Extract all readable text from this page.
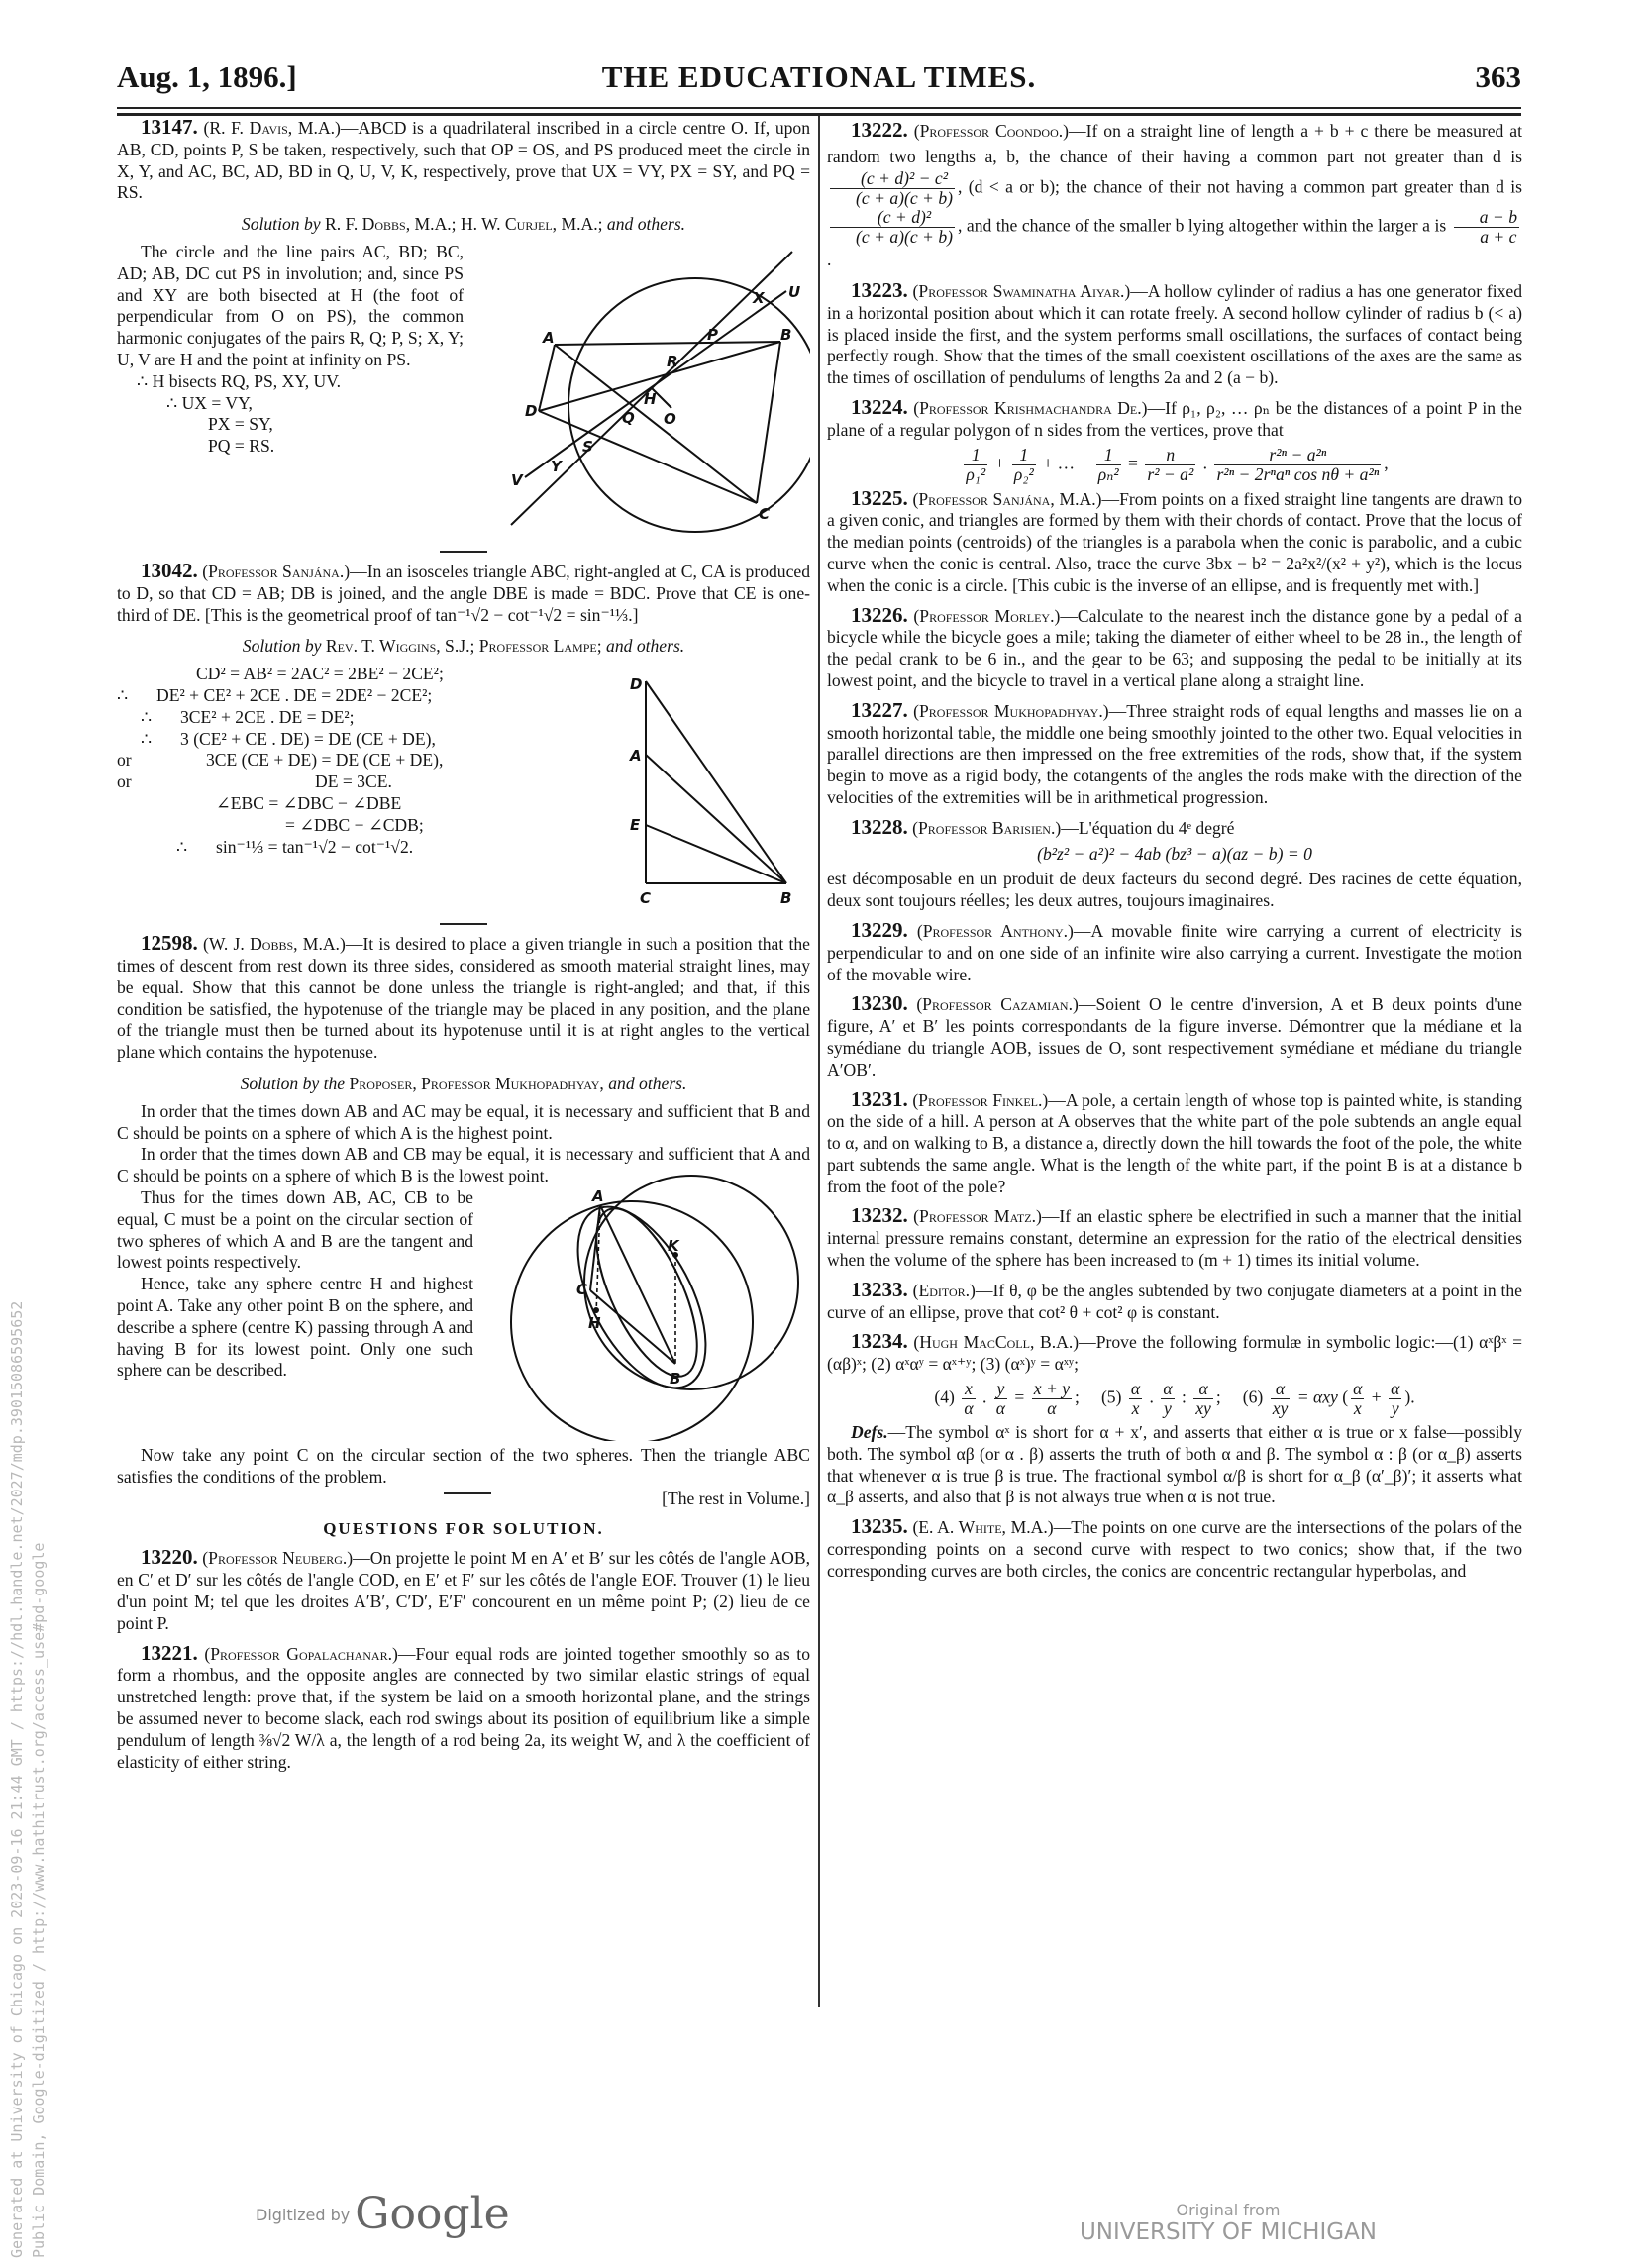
Aug. 1, 1896.]	THE EDUCATIONAL TIMES.	363

13147. (R. F. Davis, M.A.)—ABCD is a quadrilateral inscribed in a circle centre O. If, upon AB, CD, points P, S be taken, respectively, such that OP = OS, and PS produced meet the circle in X, Y, and AC, BC, AD, BD in Q, U, V, K, respectively, prove that UX = VY, PX = SY, and PQ = RS.

Solution by R. F. Dobbs, M.A.; H. W. Curjel, M.A.; and others.

A	B
C
D
P
R
Q
S
H
O
X
Y
U
V

The circle and the line pairs AC, BD; BC, AD; AB, DC cut PS in involution; and, since PS and XY are both bisected at H (the foot of perpendicular from O on PS), the common harmonic conjugates of the pairs R, Q; P, S; X, Y; U, V are H and the point at infinity on PS.

∴ H bisects RQ, PS, XY, UV.

∴ UX = VY,

PX = SY,

PQ = RS.

13042. (Professor Sanjána.)—In an isosceles triangle ABC, right-angled at C, CA is produced to D, so that CD = AB; DB is joined, and the angle DBE is made = BDC. Prove that CE is one-third of DE. [This is the geometrical proof of tan⁻¹√2 − cot⁻¹√2 = sin⁻¹⅓.]

Solution by Rev. T. Wiggins, S.J.; Professor Lampe; and others.

D
A
E
C	B

CD² = AB² = 2AC² = 2BE² − 2CE²;

∴ DE² + CE² + 2CE . DE = 2DE² − 2CE²;

∴ 3CE² + 2CE . DE = DE²;

∴ 3 (CE² + CE . DE) = DE (CE + DE),

or	3CE (CE + DE) = DE (CE + DE),

or	DE = 3CE.

∠EBC = ∠DBC − ∠DBE

= ∠DBC − ∠CDB;

∴ sin⁻¹⅓ = tan⁻¹√2 − cot⁻¹√2.

12598. (W. J. Dobbs, M.A.)—It is desired to place a given triangle in such a position that the times of descent from rest down its three sides, considered as smooth material straight lines, may be equal. Show that this cannot be done unless the triangle is right-angled; and that, if this condition be satisfied, the hypotenuse of the triangle may be placed in any position, and the plane of the triangle must then be turned about its hypotenuse until it is at right angles to the vertical plane which contains the hypotenuse.

Solution by the Proposer, Professor Mukhopadhyay, and others.

In order that the times down AB and AC may be equal, it is necessary and sufficient that B and C should be points on a sphere of which A is the highest point.

In order that the times down AB and CB may be equal, it is necessary and sufficient that A and C should be points on a sphere of which B is the lowest point.

A
K
C
H
B

Thus for the times down AB, AC, CB to be equal, C must be a point on the circular section of two spheres of which A and B are the tangent and lowest points respectively.

Hence, take any sphere centre H and highest point A. Take any other point B on the sphere, and describe a sphere (centre K) passing through A and having B for its lowest point. Only one such sphere can be described.

Now take any point C on the circular section of the two spheres. Then the triangle ABC satisfies the conditions of the problem.

[The rest in Volume.]

QUESTIONS FOR SOLUTION.

13220. (Professor Neuberg.)—On projette le point M en A′ et B′ sur les côtés de l'angle AOB, en C′ et D′ sur les côtés de l'angle COD, en E′ et F′ sur les côtés de l'angle EOF. Trouver (1) le lieu d'un point M; tel que les droites A′B′, C′D′, E′F′ concourent en un même point P; (2) lieu de ce point P.

13221. (Professor Gopalachanar.)—Four equal rods are jointed together smoothly so as to form a rhombus, and the opposite angles are connected by two similar elastic strings of equal unstretched length: prove that, if the system be laid on a smooth horizontal plane, and the strings be assumed never to become slack, each rod swings about its position of equilibrium like a simple pendulum of length ⅜√2 W/λ a, the length of a rod being 2a, its weight W, and λ the coefficient of elasticity of either string.

13222. (Professor Coondoo.)—If on a straight line of length a + b + c there be measured at random two lengths a, b, the chance of their having a common part not greater than d is
$\frac{\text{(c + d)² − c²}}{(c + a)(c + b)}$ , (d < a or b); the chance of their not having a common part greater than d is
$\frac{\text{(c + d)²}}{(c + a)(c + b)}$ , and the chance of the smaller b lying altogether within the larger a is $\frac{a - b}{a + c}$
.

13223. (Professor Swaminatha Aiyar.)—A hollow cylinder of radius a has one generator fixed in a horizontal position about which it can rotate freely. A second hollow cylinder of radius b (< a) is placed inside the first, and the system performs small oscillations, the surfaces of contact being perfectly rough. Show that the times of the small coexistent oscillations of the axes are the same as the times of oscillation of pendulums of lengths 2a and 2 (a − b).

13224. (Professor Krishmachandra De.)—If ρ₁, ρ₂, … ρₙ be the distances of a point P in the plane of a regular polygon of n sides from the vertices, prove that

$\frac{1}{\text{ρ₁²}} + \frac{1}{\text{ρ₂²}}$ + … + $\frac{1}{\text{ρₙ²}} = \frac{n}{\text{r² − a²}}$ . $\frac{\text{r²ⁿ − a²ⁿ}}{\text{r²ⁿ − 2rⁿaⁿ cos nθ + a²ⁿ}}$ ,

13225. (Professor Sanjána, M.A.)—From points on a fixed straight line tangents are drawn to a given conic, and triangles are formed by them with their chords of contact. Prove that the locus of the median points (centroids) of the triangles is a parabola when the conic is parabolic, and a cubic curve when the conic is central. Also, trace the curve 3bx − b² = 2a²x²/(x² + y²), which is the locus when the conic is a circle. [This cubic is the inverse of an ellipse, and is frequently met with.]

13226. (Professor Morley.)—Calculate to the nearest inch the distance gone by a pedal of a bicycle while the bicycle goes a mile; taking the diameter of either wheel to be 28 in., the length of the pedal crank to be 6 in., and the gear to be 63; and supposing the pedal to be initially at its lowest point, and the bicycle to travel in a vertical plane along a straight line.

13227. (Professor Mukhopadhyay.)—Three straight rods of equal lengths and masses lie on a smooth horizontal table, the middle one being smoothly jointed to the other two. Equal velocities in parallel directions are then impressed on the free extremities of the rods, show that, if the system begin to move as a rigid body, the cotangents of the angles the rods make with the direction of the velocities of the extremities will be in arithmetical progression.

13228. (Professor Barisien.)—L'équation du 4ᵉ degré

(b²z² − a²)² − 4ab (bz³ − a)(az − b) = 0

est décomposable en un produit de deux facteurs du second degré. Des racines de cette équation, deux sont toujours réelles; les deux autres, toujours imaginaires.

13229. (Professor Anthony.)—A movable finite wire carrying a current of electricity is perpendicular to and on one side of an infinite wire also carrying a current. Investigate the motion of the movable wire.

13230. (Professor Cazamian.)—Soient O le centre d'inversion, A et B deux points d'une figure, A′ et B′ les points correspondants de la figure inverse. Démontrer que la médiane et la symédiane du triangle AOB, issues de O, sont respectivement symédiane et médiane du triangle A′OB′.

13231. (Professor Finkel.)—A pole, a certain length of whose top is painted white, is standing on the side of a hill. A person at A observes that the white part of the pole subtends an angle equal to α, and on walking to B, a distance a, directly down the hill towards the foot of the pole, the white part subtends the same angle. What is the length of the white part, if the point B is at a distance b from the foot of the pole?

13232. (Professor Matz.)—If an elastic sphere be electrified in such a manner that the initial internal pressure remains constant, determine an expression for the ratio of the electrical densities when the volume of the sphere has been increased to (m + 1) times its initial volume.

13233. (Editor.)—If θ, φ be the angles subtended by two conjugate diameters at a point in the curve of an ellipse, prove that cot² θ + cot² φ is constant.

13234. (Hugh MacColl, B.A.)—Prove the following formulæ in symbolic logic:—(1) αˣβˣ = (αβ)ˣ; (2) αˣαʸ = αˣ⁺ʸ; (3) (αˣ)ʸ = αˣʸ;

$(4) \frac{x}{\alpha}$ . $\frac{y}{\alpha} = \frac{x + y}{\alpha}$ ;     $(5) \frac{\alpha}{x}$ . $\frac{\alpha}{y}$ : $\frac{\alpha}{xy}$ ;     $(6) \frac{\alpha}{xy} = \alpha xy$ ( $\frac{\alpha}{x} + \frac{\alpha}{y}$ ).

Defs.—The symbol αˣ is short for α + x′, and asserts that either α is true or x false—possibly both. The symbol αβ (or α . β) asserts the truth of both α and β. The symbol α : β (or α_β) asserts that whenever α is true β is true. The fractional symbol α/β is short for α_β (α′_β)′; it asserts what α_β asserts, and also that β is not always true when α is not true.

13235. (E. A. White, M.A.)—The points on one curve are the intersections of the polars of the corresponding points on a second curve with respect to two conics; show that, if the two corresponding curves are both circles, the conics are concentric rectangular hyperbolas, and

Generated at University of Chicago on 2023-09-16 21:44 GMT / https://hdl.handle.net/2027/mdp.39015086595652 Public Domain, Google-digitized / http://www.hathitrust.org/access_use#pd-google	Digitized by Google	Original from
UNIVERSITY OF MICHIGAN
